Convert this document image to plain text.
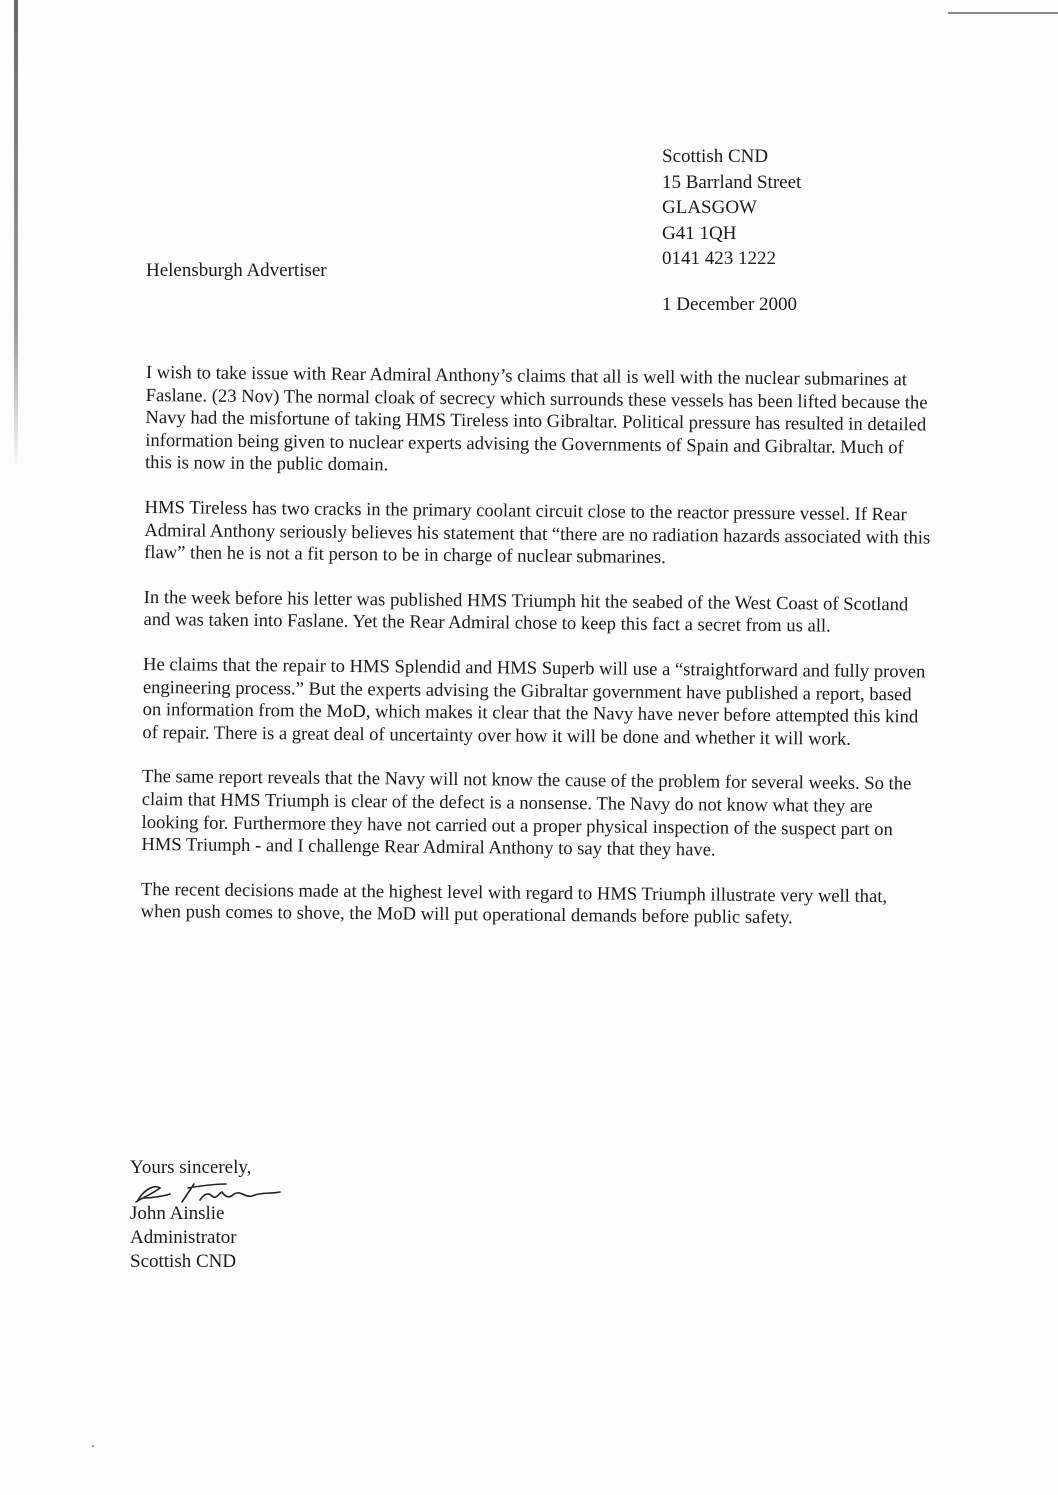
Scottish CND
15 Barrland Street
GLASGOW
G41 1QH
0141 423 1222
Helensburgh Advertiser
1 December 2000

I wish to take issue with Rear Admiral Anthony’s claims that all is well with the nuclear submarines at Faslane. (23 Nov) The normal cloak of secrecy which surrounds these vessels has been lifted because the Navy had the misfortune of taking HMS Tireless into Gibraltar. Political pressure has resulted in detailed information being given to nuclear experts advising the Governments of Spain and Gibraltar. Much of this is now in the public domain.

HMS Tireless has two cracks in the primary coolant circuit close to the reactor pressure vessel. If Rear Admiral Anthony seriously believes his statement that “there are no radiation hazards associated with this flaw” then he is not a fit person to be in charge of nuclear submarines.

In the week before his letter was published HMS Triumph hit the seabed of the West Coast of Scotland and was taken into Faslane. Yet the Rear Admiral chose to keep this fact a secret from us all.

He claims that the repair to HMS Splendid and HMS Superb will use a “straightforward and fully proven engineering process.” But the experts advising the Gibraltar government have published a report, based on information from the MoD, which makes it clear that the Navy have never before attempted this kind of repair. There is a great deal of uncertainty over how it will be done and whether it will work.

The same report reveals that the Navy will not know the cause of the problem for several weeks. So the claim that HMS Triumph is clear of the defect is a nonsense. The Navy do not know what they are looking for. Furthermore they have not carried out a proper physical inspection of the suspect part on HMS Triumph - and I challenge Rear Admiral Anthony to say that they have.

The recent decisions made at the highest level with regard to HMS Triumph illustrate very well that, when push comes to shove, the MoD will put operational demands before public safety.

Yours sincerely,
John Ainslie
Administrator
Scottish CND
